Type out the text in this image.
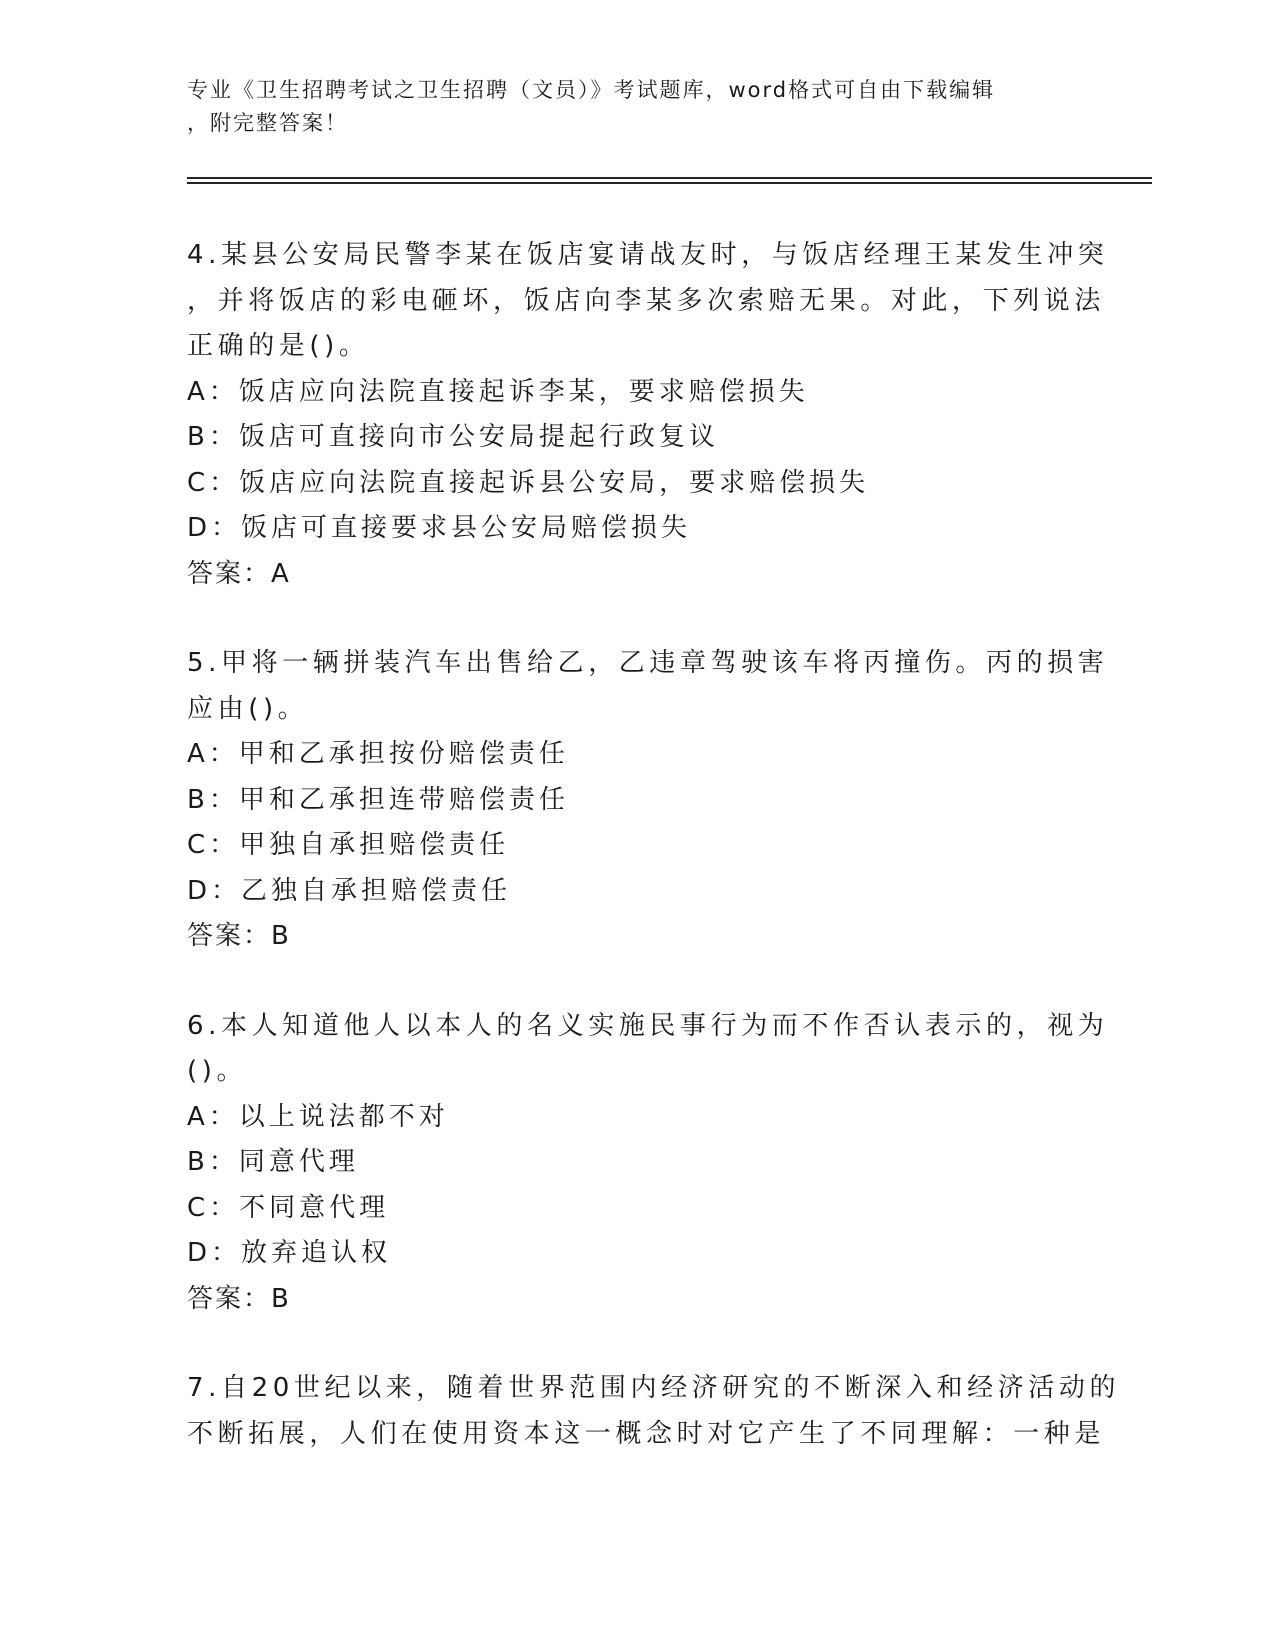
专业《卫生招聘考试之卫生招聘（文员）》考试题库，word格式可自由下载编辑
，附完整答案！
4.某县公安局民警李某在饭店宴请战友时，与饭店经理王某发生冲突
，并将饭店的彩电砸坏，饭店向李某多次索赔无果。对此，下列说法
正确的是()。
A：饭店应向法院直接起诉李某，要求赔偿损失
B：饭店可直接向市公安局提起行政复议
C：饭店应向法院直接起诉县公安局，要求赔偿损失
D：饭店可直接要求县公安局赔偿损失
答案：A
5.甲将一辆拼装汽车出售给乙，乙违章驾驶该车将丙撞伤。丙的损害
应由()。
A：甲和乙承担按份赔偿责任
B：甲和乙承担连带赔偿责任
C：甲独自承担赔偿责任
D：乙独自承担赔偿责任
答案：B
6.本人知道他人以本人的名义实施民事行为而不作否认表示的，视为
()。
A：以上说法都不对
B：同意代理
C：不同意代理
D：放弃追认权
答案：B
7.自20世纪以来，随着世界范围内经济研究的不断深入和经济活动的
不断拓展，人们在使用资本这一概念时对它产生了不同理解：一种是
